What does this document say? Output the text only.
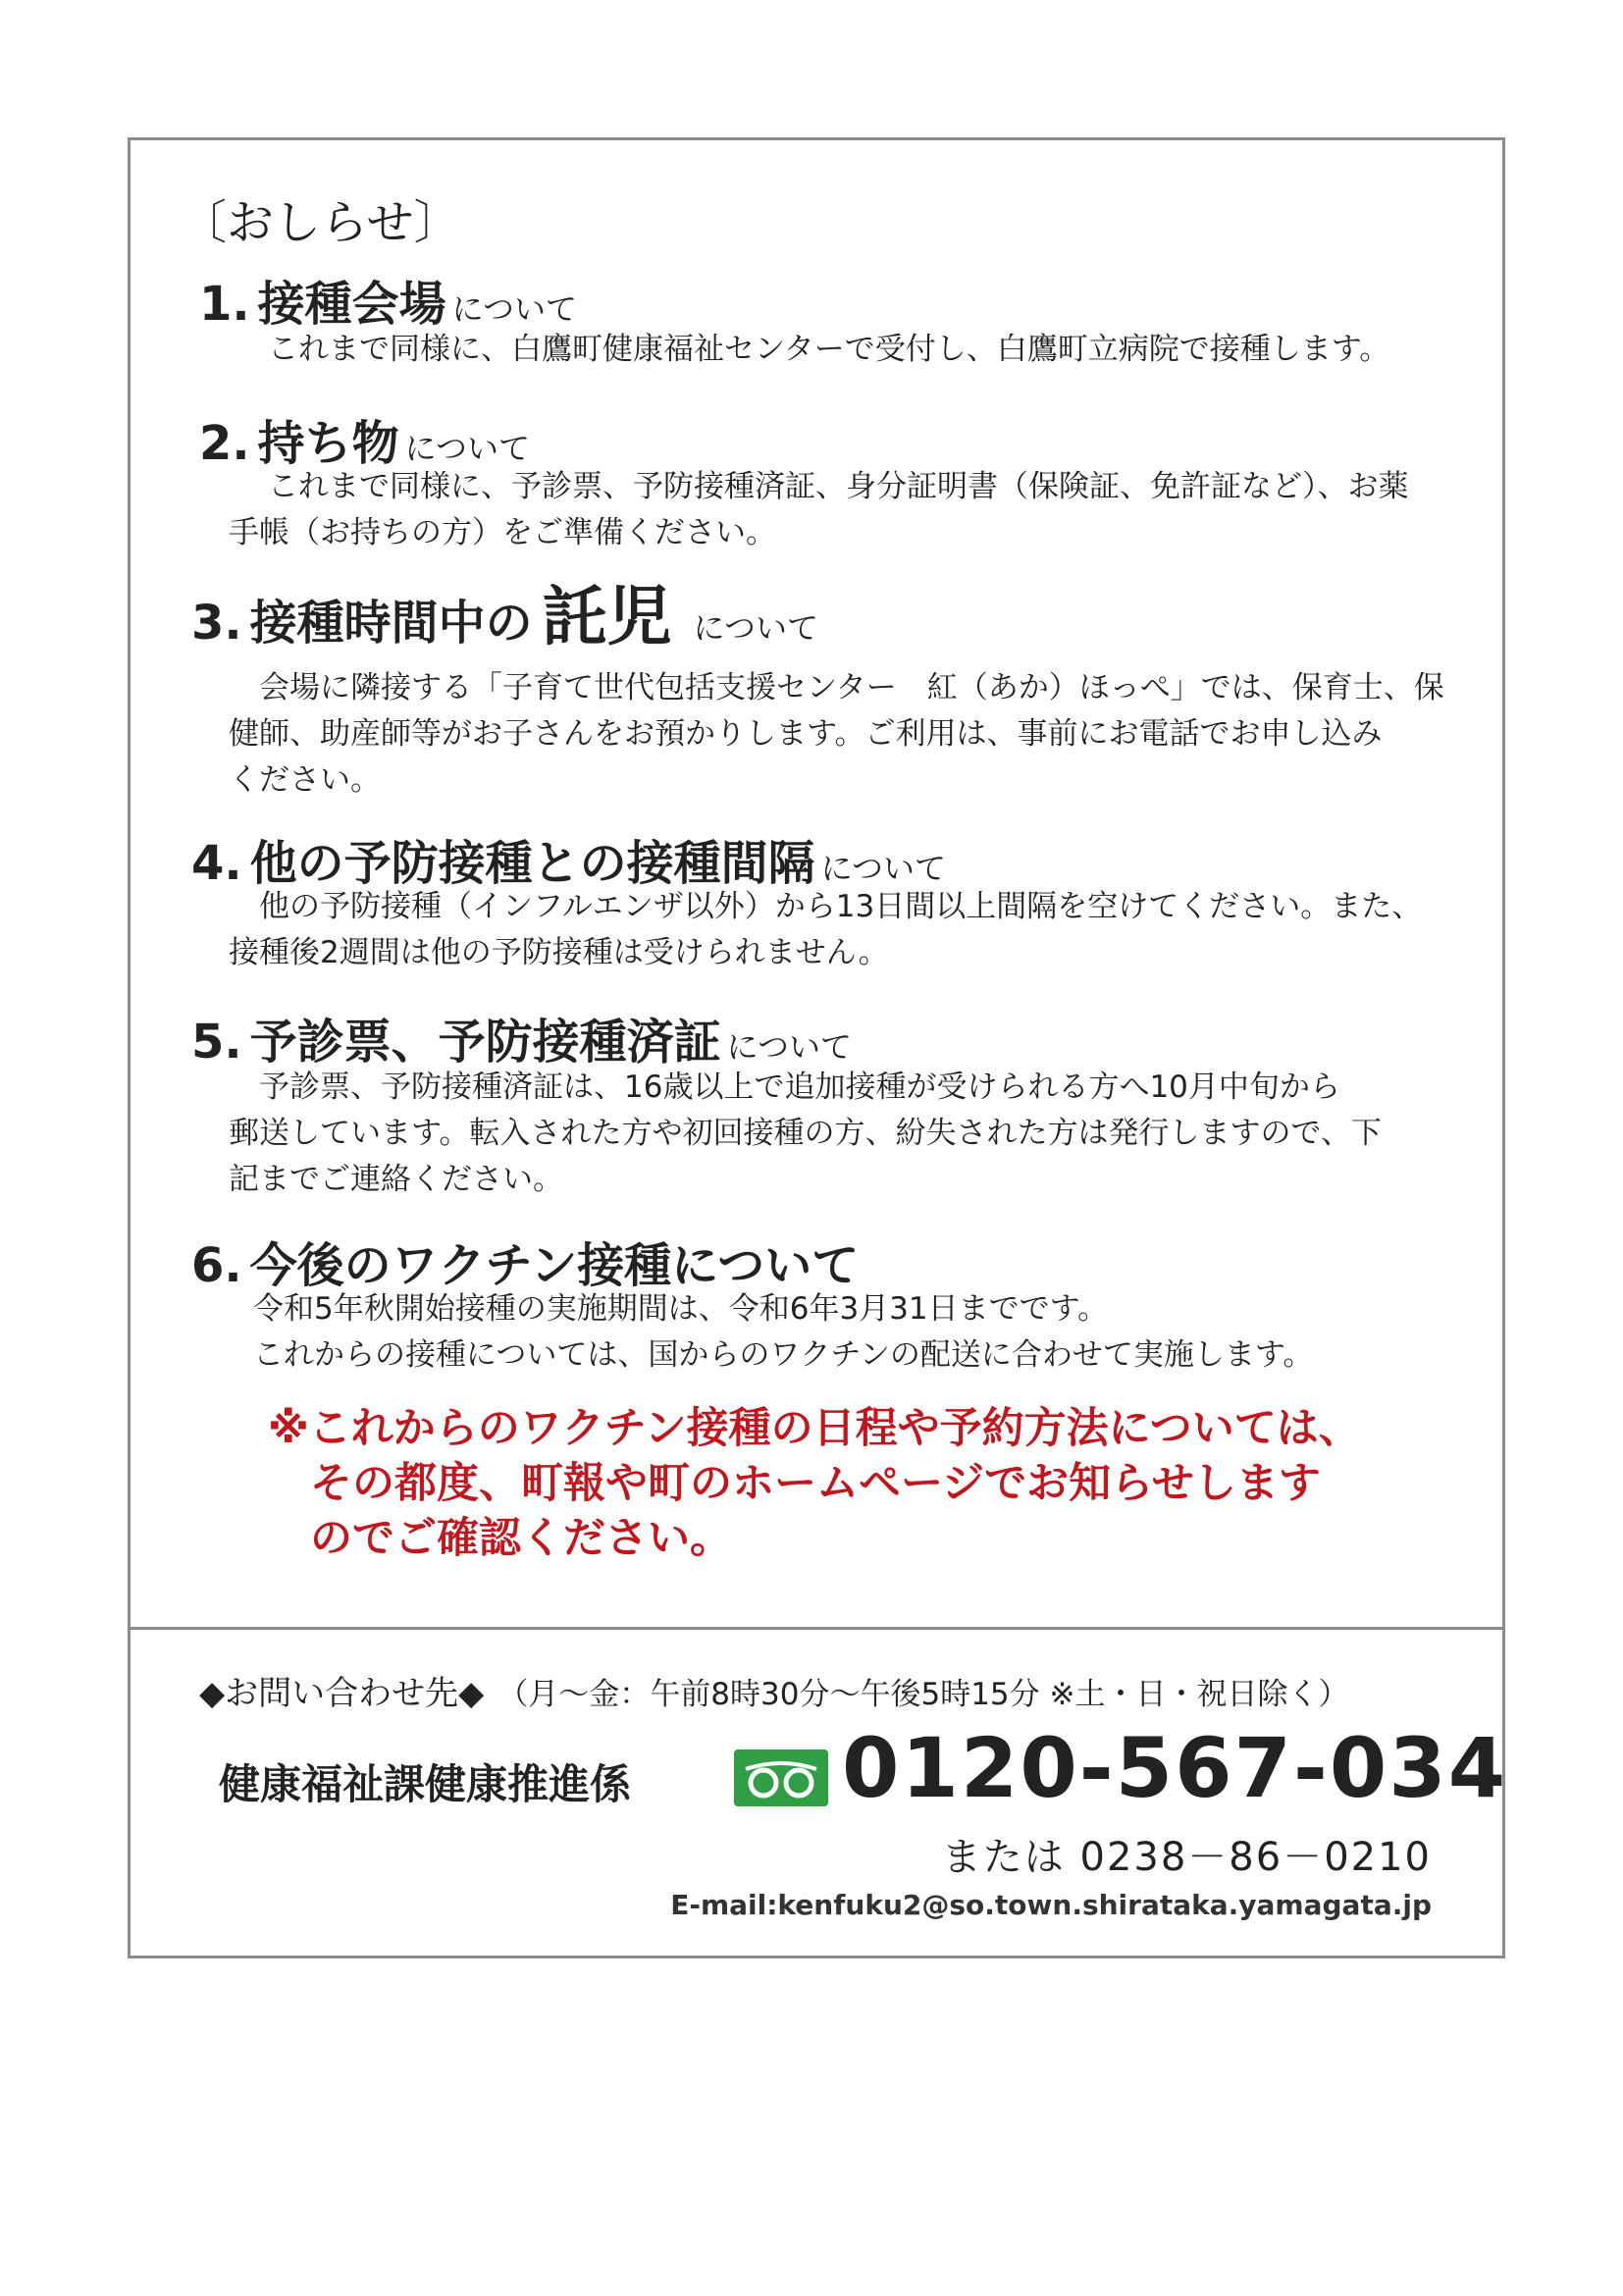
〔おしらせ〕
1. 接種会場 について
これまで同様に、白鷹町健康福祉センターで受付し、白鷹町立病院で接種します。
2. 持ち物 について
これまで同様に、予診票、予防接種済証、身分証明書（保険証、免許証など）、お薬
手帳（お持ちの方）をご準備ください。
3. 接種時間中の 託児 について
　会場に隣接する「子育て世代包括支援センター　紅（あか）ほっぺ」では、保育士、保
健師、助産師等がお子さんをお預かりします。ご利用は、事前にお電話でお申し込み
ください。
4. 他の予防接種との接種間隔 について
　他の予防接種（インフルエンザ以外）から13日間以上間隔を空けてください。また、
接種後2週間は他の予防接種は受けられません。
5. 予診票、予防接種済証 について
　予診票、予防接種済証は、16歳以上で追加接種が受けられる方へ10月中旬から
郵送しています。転入された方や初回接種の方、紛失された方は発行しますので、下
記までご連絡ください。
6. 今後のワクチン接種について
令和5年秋開始接種の実施期間は、令和6年3月31日までです。
これからの接種については、国からのワクチンの配送に合わせて実施します。
※これからのワクチン接種の日程や予約方法については、
　その都度、町報や町のホームページでお知らせします
　のでご確認ください。
◆お問い合わせ先◆ （月～金：午前8時30分～午後5時15分 ※土・日・祝日除く）
健康福祉課健康推進係	0120-567-034
または 0238－86－0210
E-mail:kenfuku2@so.town.shirataka.yamagata.jp
